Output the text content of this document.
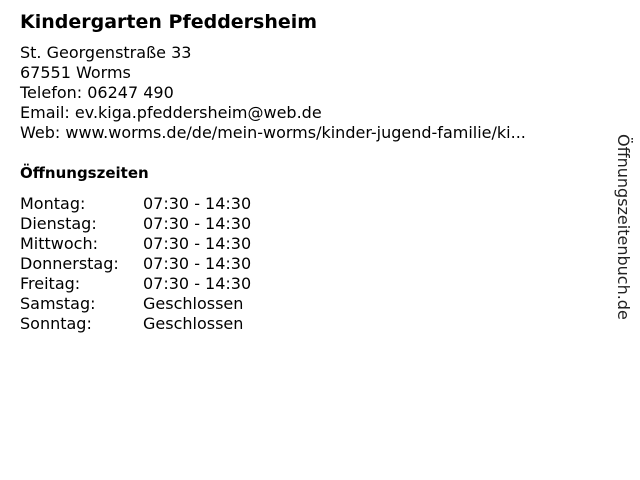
Kindergarten Pfeddersheim
St. Georgenstraße 33
67551 Worms
Telefon: 06247 490
Email: ev.kiga.pfeddersheim@web.de
Web: www.worms.de/de/mein-worms/kinder-jugend-familie/ki...
Öffnungszeiten
Montag:	07:30 - 14:30
Dienstag:	07:30 - 14:30
Mittwoch:	07:30 - 14:30
Donnerstag:	07:30 - 14:30
Freitag:	07:30 - 14:30
Samstag:	Geschlossen
Sonntag:	Geschlossen
Öffnungszeitenbuch.de
